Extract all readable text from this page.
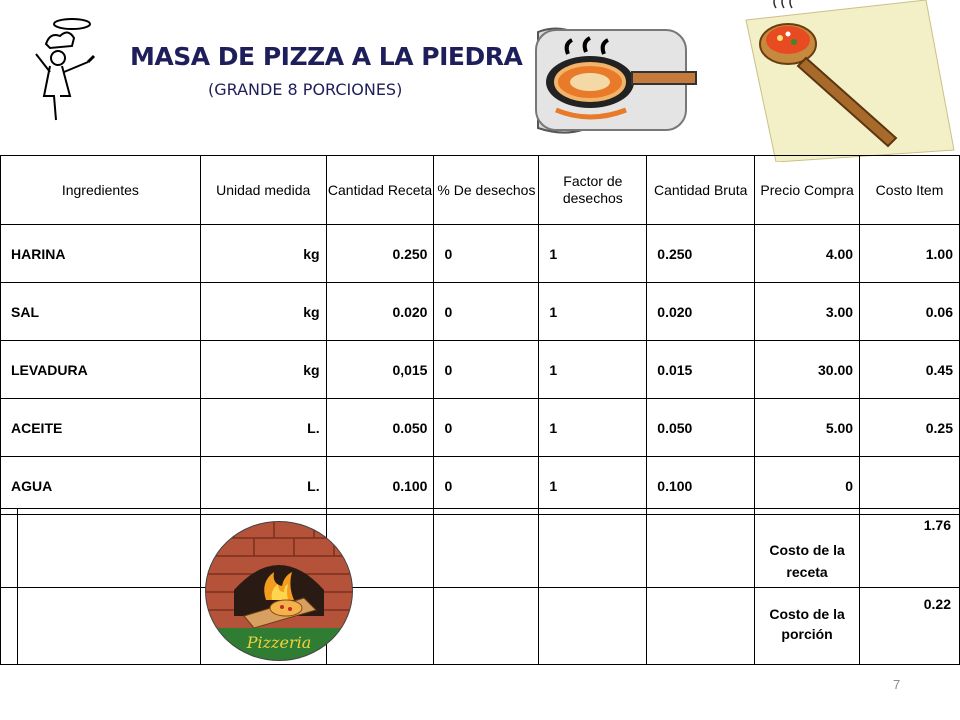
MASA DE PIZZA A LA PIEDRA
(GRANDE 8 PORCIONES)
Ingredientes	Unidad medida	Cantidad Receta	% De desechos	Factor de desechos	Cantidad Bruta	Precio Compra	Costo Item
HARINA	kg	0.250	0	1	0.250	4.00	1.00
SAL	kg	0.020	0	1	0.020	3.00	0.06
LEVADURA	kg	0,015	0	1	0.015	30.00	0.45
ACEITE	L.	0.050	0	1	0.050	5.00	0.25
AGUA	L.	0.100	0	1	0.100	0	
							Costo de la receta	1.76
							Costo de la porción	0.22
Pizzeria
7
